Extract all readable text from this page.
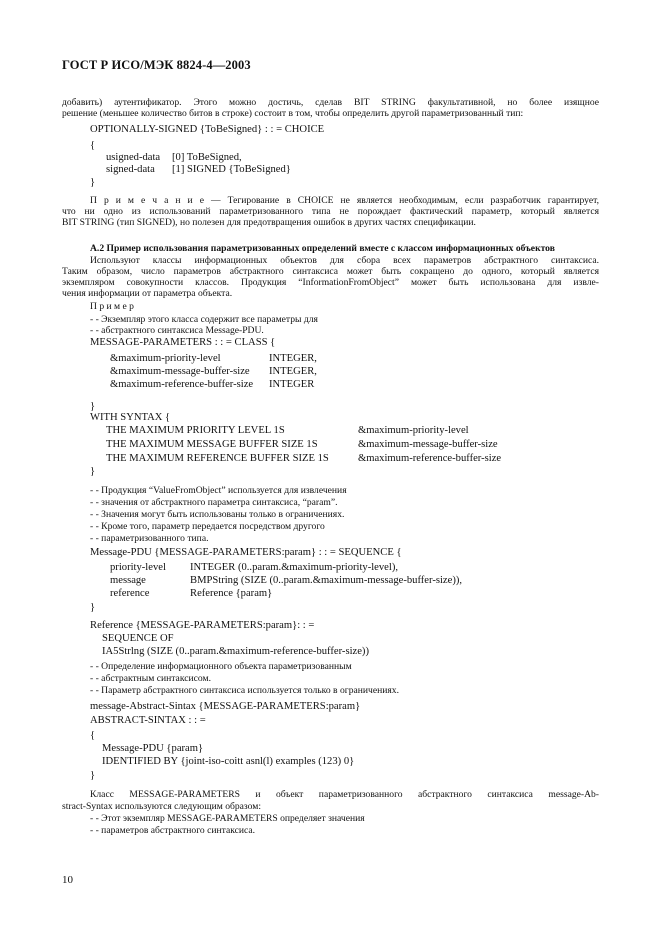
ГОСТ Р ИСО/МЭК 8824-4—2003
добавить) аутентификатор. Этого можно достичь, сделав BIT STRING факультативной, но более изящное
решение (меньшее количество битов в строке) состоит в том, чтобы определить другой параметризованный тип:
OPTIONALLY-SIGNED {ToBeSigned} : : = CHOICE
{
usigned-data [0] ToBeSigned,
signed-data [1] SIGNED {ToBeSigned}
}
П р и м е ч а н и е — Тегирование в CHOICE не является необходимым, если разработчик гарантирует,
что ни одно из использований параметризованного типа не порождает фактический параметр, который является
BIT STRING (тип SIGNED), но полезен для предотвращения ошибок в других частях спецификации.
А.2 Пример использования параметризованных определений вместе с классом информационных объектов
Используют классы информационных объектов для сбора всех параметров абстрактного синтаксиса.
Таким образом, число параметров абстрактного синтаксиса может быть сокращено до одного, который является
экземпляром совокупности классов. Продукция “InformationFromObject” может быть использована для извле-
чения информации от параметра объекта.
П р и м е р
- - Экземпляр этого класса содержит все параметры для
- - абстрактного синтаксиса Message-PDU.
MESSAGE-PARAMETERS : : = CLASS {
&maximum-priority-level	INTEGER,
&maximum-message-buffer-size INTEGER,
&maximum-reference-buffer-size INTEGER
}
WITH SYNTAX {
THE MAXIMUM PRIORITY LEVEL 1S	&maximum-priority-level
THE MAXIMUM MESSAGE BUFFER SIZE 1S	&maximum-message-buffer-size
THE MAXIMUM REFERENCE BUFFER SIZE 1S	&maximum-reference-buffer-size
}
- - Продукция “ValueFromObject” используется для извлечения
- - значения от абстрактного параметра синтаксиса, “param”.
- - Значения могут быть использованы только в ограничениях.
- - Кроме того, параметр передается посредством другого
- - параметризованного типа.
Message-PDU {MESSAGE-PARAMETERS:param} : : = SEQUENCE {
priority-level INTEGER (0..param.&maximum-priority-level),
message	BMPString (SIZE (0..param.&maximum-message-buffer-size)),
reference	Reference {param}
}
Reference {MESSAGE-PARAMETERS:param}: : =
SEQUENCE OF
IA5Strlng (SIZE (0..param.&maximum-reference-buffer-size))
- - Определение информационного объекта параметризованным
- - абстрактным синтаксисом.
- - Параметр абстрактного синтаксиса используется только в ограничениях.
message-Abstract-Sintax {MESSAGE-PARAMETERS:param}
ABSTRACT-SINTAX : : =
{
Message-PDU {param}
IDENTIFIED BY {joint-iso-coitt asnl(l) examples (123) 0}
}
Класс MESSAGE-PARAMETERS и объект параметризованного абстрактного синтаксиса message-Ab-
stract-Syntax используются следующим образом:
- - Этот экземпляр MESSAGE-PARAMETERS определяет значения
- - параметров абстрактного синтаксиса.
10
